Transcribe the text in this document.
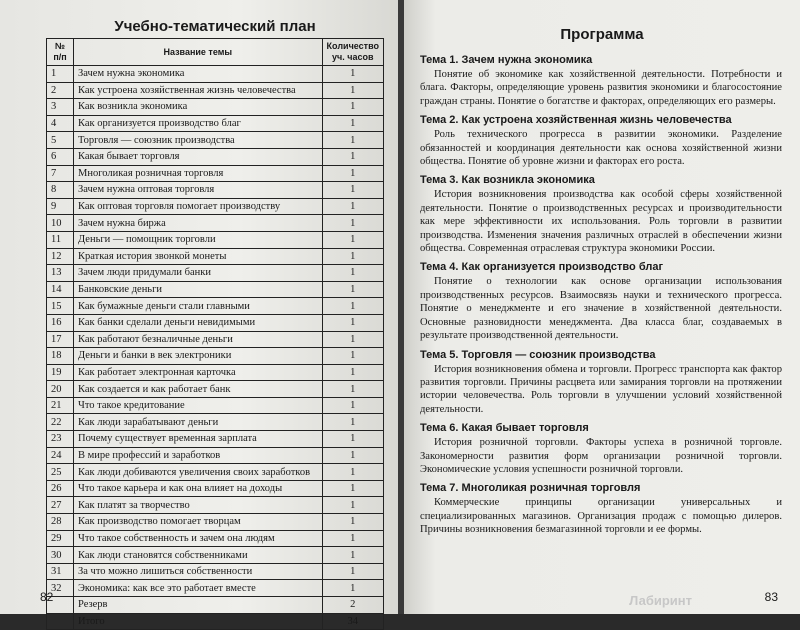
Учебно-тематический план
№ п/п	Название темы	Количество уч. часов
1	Зачем нужна экономика	1
2	Как устроена хозяйственная жизнь человечества	1
3	Как возникла экономика	1
4	Как организуется производство благ	1
5	Торговля — союзник производства	1
6	Какая бывает торговля	1
7	Многоликая розничная торговля	1
8	Зачем нужна оптовая торговля	1
9	Как оптовая торговля помогает производству	1
10	Зачем нужна биржа	1
11	Деньги — помощник торговли	1
12	Краткая история звонкой монеты	1
13	Зачем люди придумали банки	1
14	Банковские деньги	1
15	Как бумажные деньги стали главными	1
16	Как банки сделали деньги невидимыми	1
17	Как работают безналичные деньги	1
18	Деньги и банки в век электроники	1
19	Как работает электронная карточка	1
20	Как создается и как работает банк	1
21	Что такое кредитование	1
22	Как люди зарабатывают деньги	1
23	Почему существует временная зарплата	1
24	В мире профессий и заработков	1
25	Как люди добиваются увеличения своих заработков	1
26	Что такое карьера и как она влияет на доходы	1
27	Как платят за творчество	1
28	Как производство помогает творцам	1
29	Что такое собственность и зачем она людям	1
30	Как люди становятся собственниками	1
31	За что можно лишиться собственности	1
32	Экономика: как все это работает вместе	1
	Резерв	2
	Итого	34
82
Программа
Тема 1. Зачем нужна экономика

Понятие об экономике как хозяйственной деятельности. Потребности и блага. Факторы, определяющие уровень развития экономики и благосостояние граждан страны. Понятие о богатстве и факторах, определяющих его размеры.

Тема 2. Как устроена хозяйственная жизнь человечества

Роль технического прогресса в развитии экономики. Разделение обязанностей и координация деятельности как основа хозяйственной жизни общества. Понятие об уровне жизни и факторах его роста.

Тема 3. Как возникла экономика

История возникновения производства как особой сферы хозяйственной деятельности. Понятие о производственных ресурсах и производительности как мере эффективности их использования. Роль торговли в развитии производства. Изменения значения различных отраслей в обеспечении жизни общества. Современная отраслевая структура экономики России.

Тема 4. Как организуется производство благ

Понятие о технологии как основе организации использования производственных ресурсов. Взаимосвязь науки и технического прогресса. Понятие о менеджменте и его значение в хозяйственной деятельности. Основные разновидности менеджмента. Два класса благ, создаваемых в результате производственной деятельности.

Тема 5. Торговля — союзник производства

История возникновения обмена и торговли. Прогресс транспорта как фактор развития торговли. Причины расцвета или замирания торговли на протяжении истории человечества. Роль торговли в улучшении условий хозяйственной деятельности.

Тема 6. Какая бывает торговля

История розничной торговли. Факторы успеха в розничной торговле. Закономерности развития форм организации розничной торговли. Экономические условия успешности розничной торговли.

Тема 7. Многоликая розничная торговля

Коммерческие принципы организации универсальных и специализированных магазинов. Организация продаж с помощью дилеров. Причины возникновения безмагазинной торговли и ее формы.

Лабиринт	83
